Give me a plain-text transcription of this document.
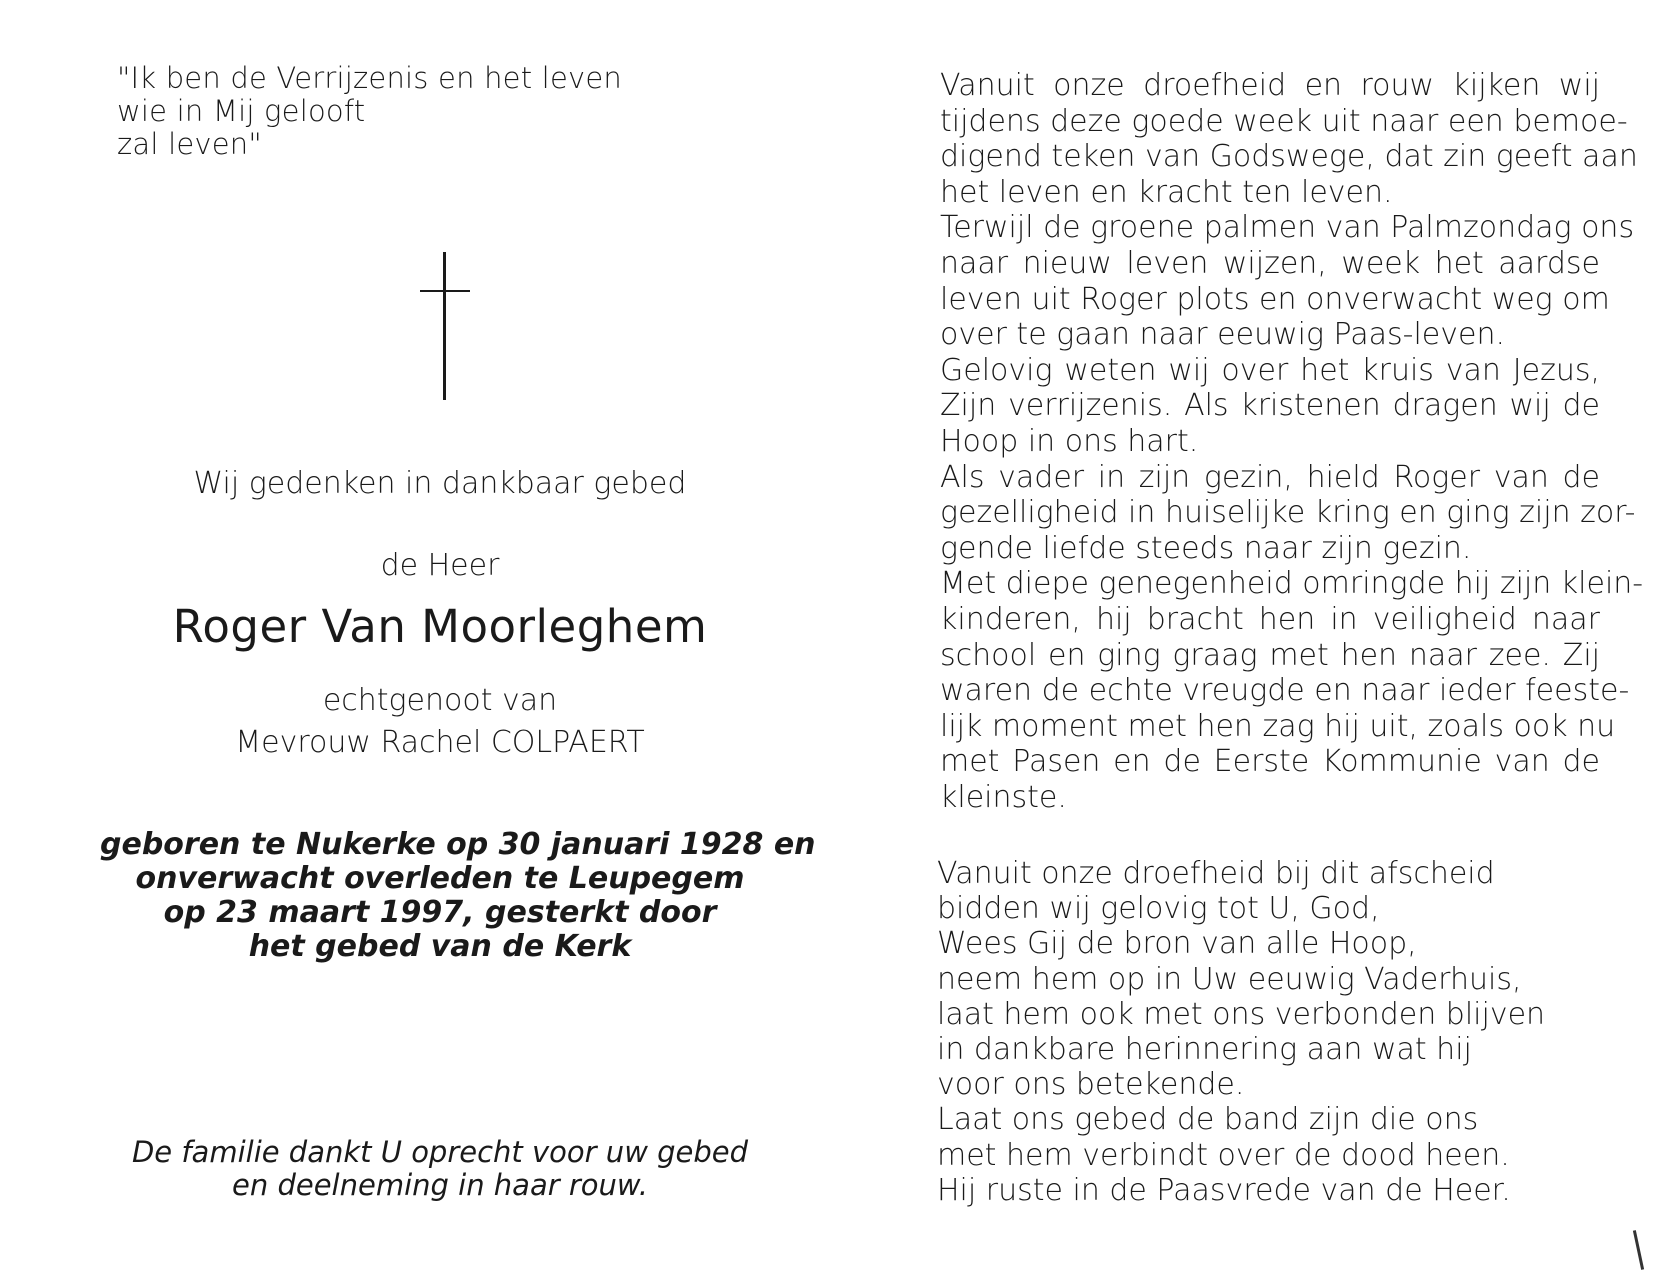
"Ik ben de Verrijzenis en het leven
wie in Mij gelooft
zal leven"
Wij gedenken in dankbaar gebed
de Heer
Roger Van Moorleghem
echtgenoot van
Mevrouw Rachel COLPAERT
geboren te Nukerke op 30 januari 1928 en
onverwacht overleden te Leupegem
op 23 maart 1997, gesterkt door
het gebed van de Kerk
De familie dankt U oprecht voor uw gebed
en deelneming in haar rouw.
Vanuit onze droefheid en rouw kijken wij
tijdens deze goede week uit naar een bemoe-
digend teken van Godswege, dat zin geeft aan
het leven en kracht ten leven.
Terwijl de groene palmen van Palmzondag ons
naar nieuw leven wijzen, week het aardse
leven uit Roger plots en onverwacht weg om
over te gaan naar eeuwig Paas-leven.
Gelovig weten wij over het kruis van Jezus,
Zijn verrijzenis. Als kristenen dragen wij de
Hoop in ons hart.
Als vader in zijn gezin, hield Roger van de
gezelligheid in huiselijke kring en ging zijn zor-
gende liefde steeds naar zijn gezin.
Met diepe genegenheid omringde hij zijn klein-
kinderen, hij bracht hen in veiligheid naar
school en ging graag met hen naar zee. Zij
waren de echte vreugde en naar ieder feeste-
lijk moment met hen zag hij uit, zoals ook nu
met Pasen en de Eerste Kommunie van de
kleinste.
Vanuit onze droefheid bij dit afscheid
bidden wij gelovig tot U, God,
Wees Gij de bron van alle Hoop,
neem hem op in Uw eeuwig Vaderhuis,
laat hem ook met ons verbonden blijven
in dankbare herinnering aan wat hij
voor ons betekende.
Laat ons gebed de band zijn die ons
met hem verbindt over de dood heen.
Hij ruste in de Paasvrede van de Heer.
